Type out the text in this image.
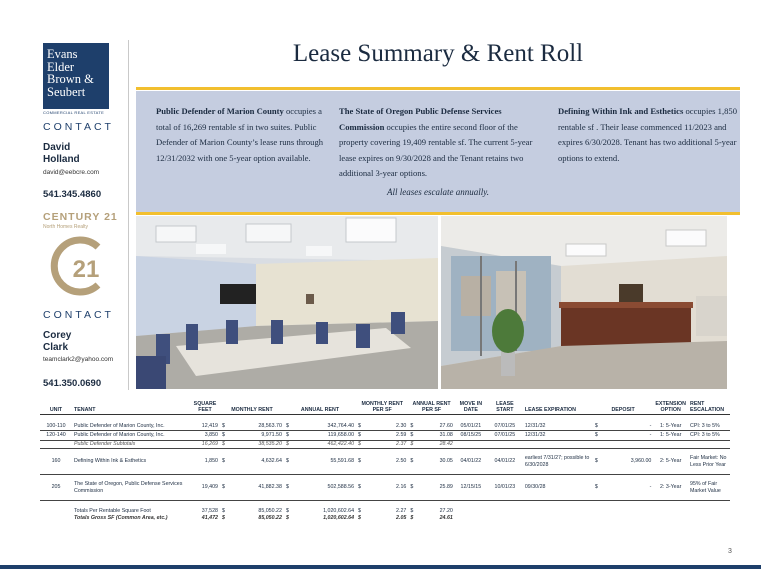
Evans
Elder
Brown &
Seubert
COMMERCIAL REAL ESTATE
CONTACT
David
Holland
david@eebcre.com
541.345.4860
CENTURY 21
North Homes Realty
21
CONTACT
Corey
Clark
teamclark2@yahoo.com
541.350.0690
Lease Summary & Rent Roll
Public Defender of Marion County occupies a total of 16,269 rentable sf in two suites. Public Defender of Marion County’s lease runs through 12/31/2032 with one 5-year option available.
The State of Oregon Public Defense Services Commission occupies the entire second floor of the property covering 19,409 rentable sf. The current 5-year lease expires on 9/30/2028 and the Tenant retains two additional 3-year options.
Defining Within Ink and Esthetics occupies 1,850 rentable sf . Their lease commenced 11/2023 and expires 6/30/2028. Tenant has two additional 5-year options to extend.
All leases escalate annually.
UNIT	TENANT	SQUARE FEET	MONTHLY RENT		ANNUAL RENT		MONTHLY RENT PER SF		ANNUAL RENT PER SF		MOVE IN DATE	LEASE START	LEASE EXPIRATION	DEPOSIT		EXTENSION OPTION	RENT ESCALATION
100-110	Public Defender of Marion County, Inc.	12,419	$	28,563.70	$	342,764.40	$	2.30	$	27.60	05/01/21	07/01/25	12/31/32	$	-	1: 5-Year	CPI: 3 to 5%
120-140	Public Defender of Marion County, Inc.	3,850	$	9,971.50	$	119,658.00	$	2.59	$	31.08	08/15/25	07/01/25	12/31/32	$	-	1: 5-Year	CPI: 3 to 5%
	Public Defender Subtotals	16,269	$	38,535.20	$	462,422.40	$	2.37	$	28.42							
160	Defining Within Ink & Esthetics	1,850	$	4,632.64	$	55,591.68	$	2.50	$	30.05	04/01/22	04/01/22	earliest 7/31/27; possible to 6/30/2028	$	3,960.00	2: 5-Year	Fair Market: No Less Prior Year
205	The State of Oregon, Public Defense Services Commission	19,409	$	41,882.38	$	502,588.56	$	2.16	$	25.89	12/15/15	10/01/23	09/30/28	$	-	2: 3-Year	95% of Fair Market Value
	Totals Per Rentable Square Foot	37,528	$	85,050.22	$	1,020,602.64	$	2.27	$	27.20							
	Totals Gross SF (Common Area, etc.)	41,472	$	85,050.22	$	1,020,602.64	$	2.05	$	24.61							
3
